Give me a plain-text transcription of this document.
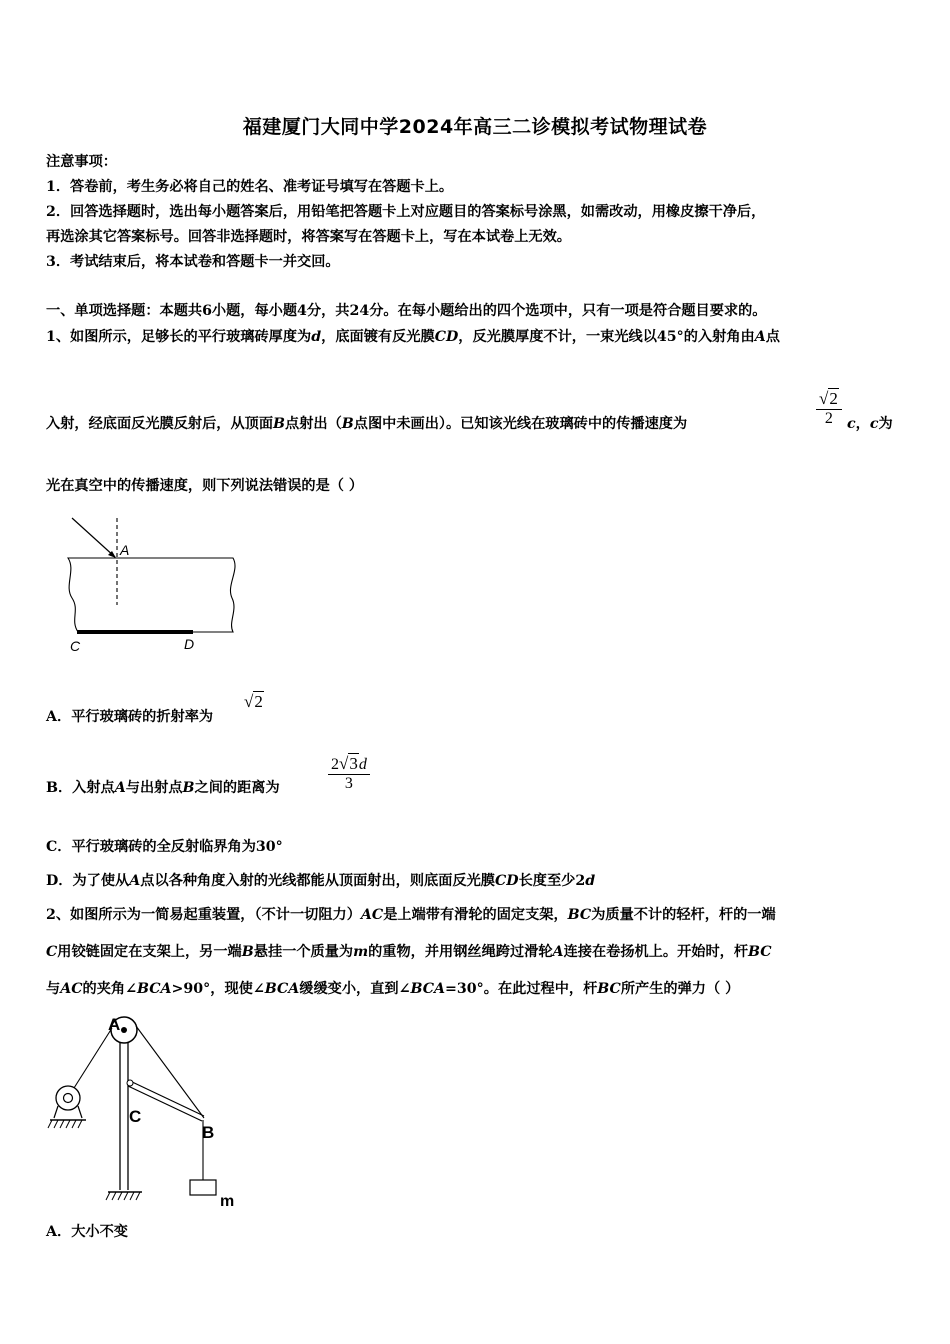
福建厦门大同中学2024年高三二诊模拟考试物理试卷
注意事项：
1．答卷前，考生务必将自己的姓名、准考证号填写在答题卡上。
2．回答选择题时，选出每小题答案后，用铅笔把答题卡上对应题目的答案标号涂黑，如需改动，用橡皮擦干净后，
再选涂其它答案标号。回答非选择题时，将答案写在答题卡上，写在本试卷上无效。
3．考试结束后，将本试卷和答题卡一并交回。
一、单项选择题：本题共6小题，每小题4分，共24分。在每小题给出的四个选项中，只有一项是符合题目要求的。
1、如图所示，足够长的平行玻璃砖厚度为d，底面镀有反光膜CD，反光膜厚度不计，一束光线以45°的入射角由A点
入射，经底面反光膜反射后，从顶面B点射出（B点图中未画出）。已知该光线在玻璃砖中的传播速度为	$\frac{√2}{2}$ c，c为
光在真空中的传播速度，则下列说法错误的是（ ）
A
C	D
A．平行玻璃砖的折射率为
√2
B．入射点A与出射点B之间的距离为	$\frac{2√3d}{3}$
C．平行玻璃砖的全反射临界角为30°
D．为了使从A点以各种角度入射的光线都能从顶面射出，则底面反光膜CD长度至少2d
2、如图所示为一简易起重装置，（不计一切阻力）AC是上端带有滑轮的固定支架，BC为质量不计的轻杆，杆的一端
C用铰链固定在支架上，另一端B悬挂一个质量为m的重物，并用钢丝绳跨过滑轮A连接在卷扬机上。开始时，杆BC
与AC的夹角∠BCA>90°，现使∠BCA缓缓变小，直到∠BCA=30°。在此过程中，杆BC所产生的弹力（ ）
A
C
B
m
A．大小不变
